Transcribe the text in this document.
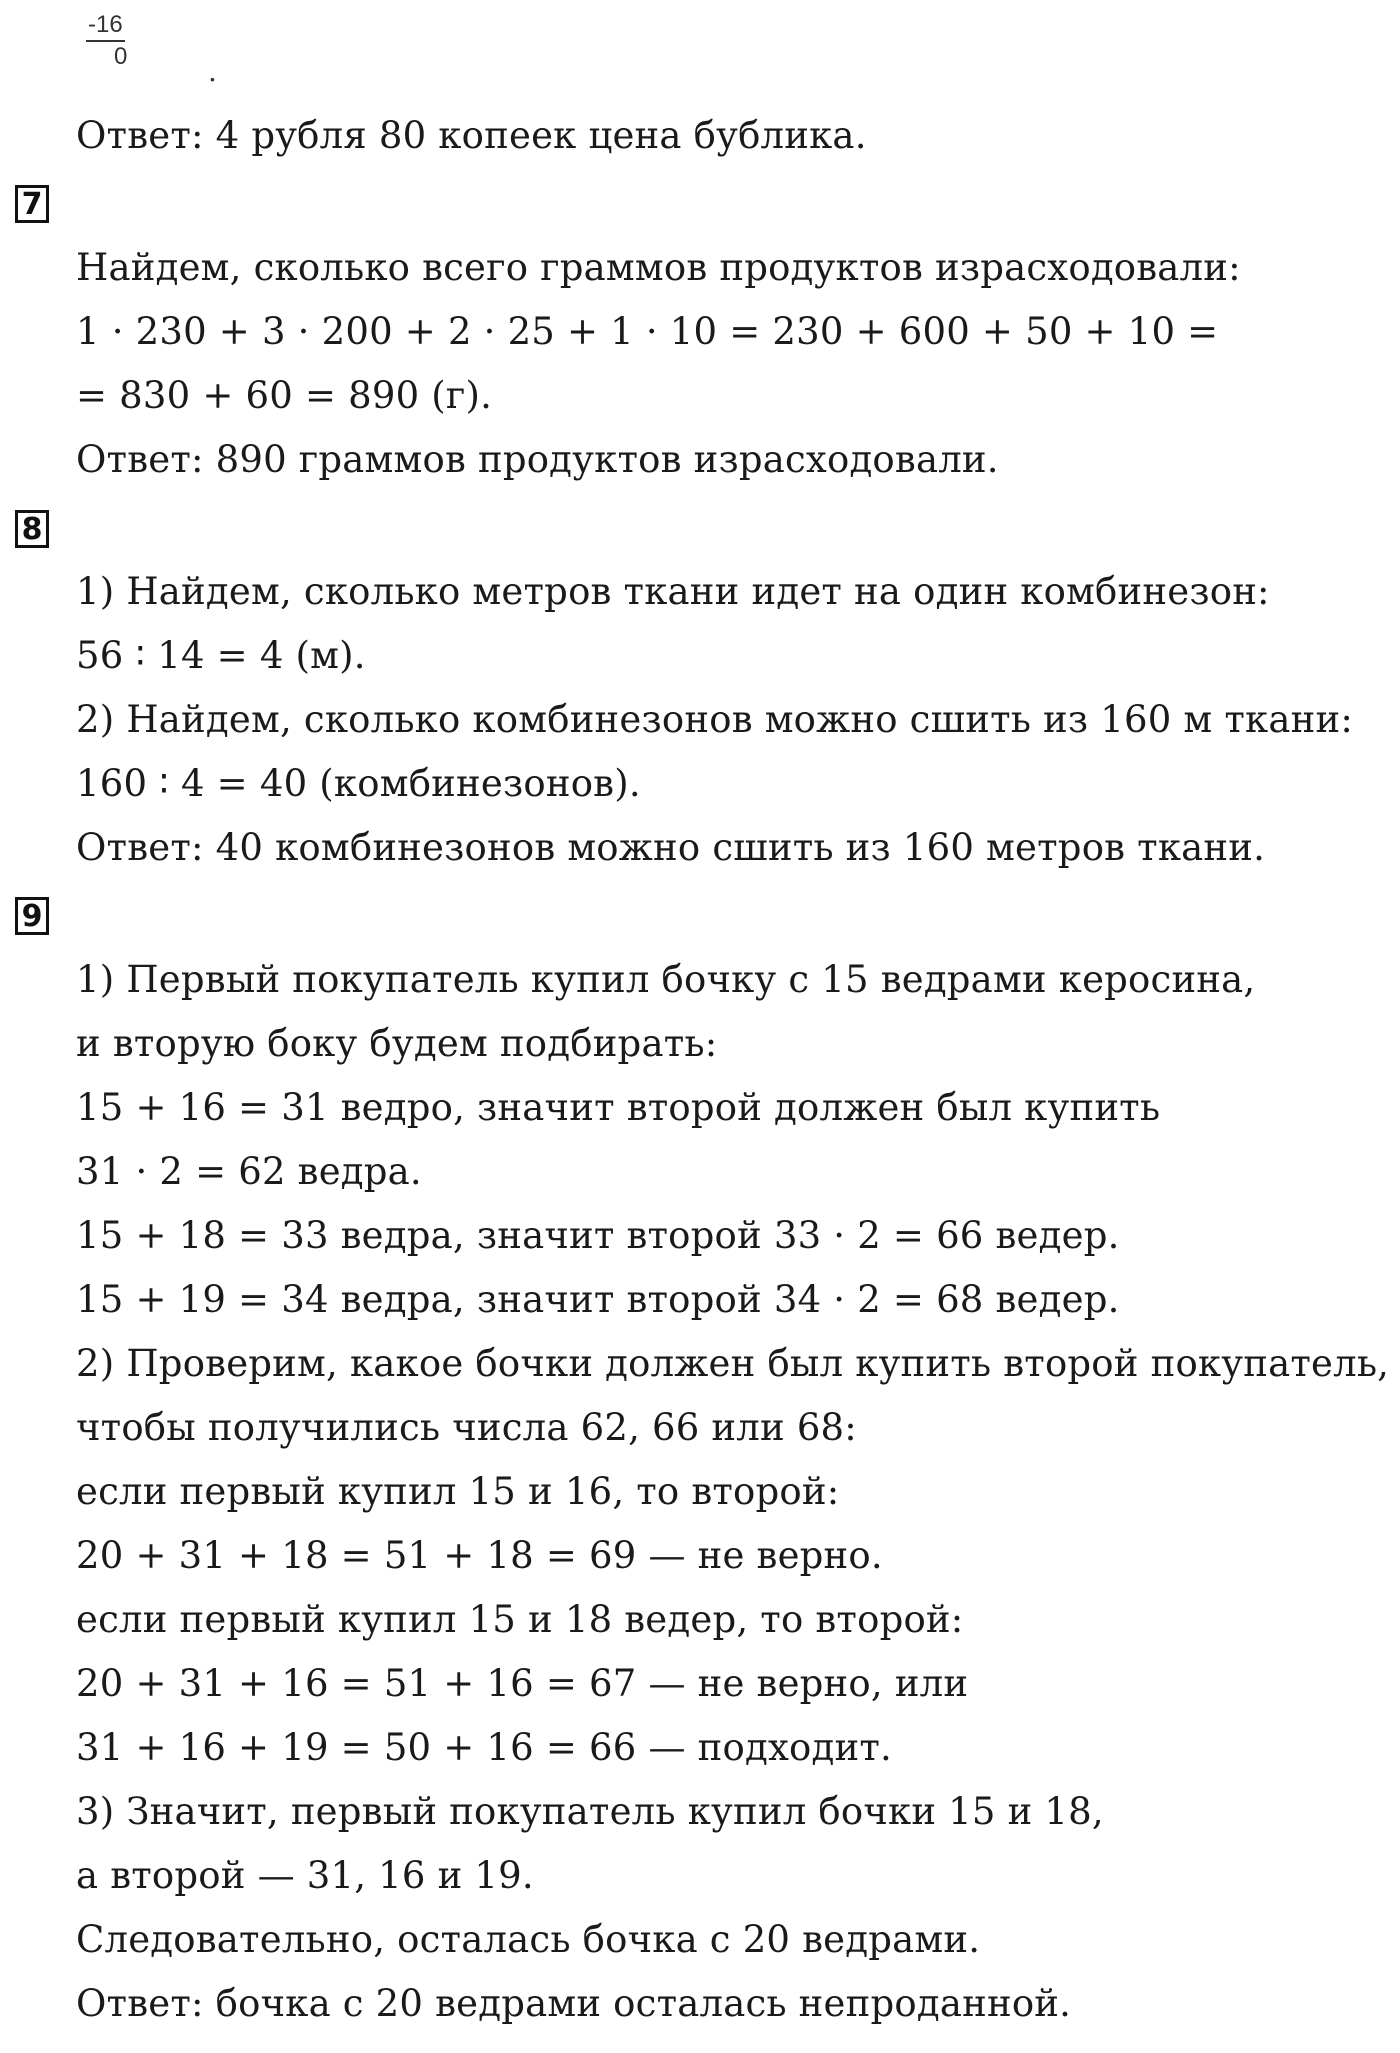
-16
0	.
Ответ: 4 рубля 80 копеек цена бублика.
7
Найдем, сколько всего граммов продуктов израсходовали:
1 · 230 + 3 · 200 + 2 · 25 + 1 · 10 = 230 + 600 + 50 + 10 =
= 830 + 60 = 890 (г).
Ответ: 890 граммов продуктов израсходовали.
8
1) Найдем, сколько метров ткани идет на один комбинезон:
56 ∶ 14 = 4 (м).
2) Найдем, сколько комбинезонов можно сшить из 160 м ткани:
160 ∶ 4 = 40 (комбинезонов).
Ответ: 40 комбинезонов можно сшить из 160 метров ткани.
9
1) Первый покупатель купил бочку с 15 ведрами керосина,
и вторую боку будем подбирать:
15 + 16 = 31 ведро, значит второй должен был купить
31 · 2 = 62 ведра.
15 + 18 = 33 ведра, значит второй 33 · 2 = 66 ведер.
15 + 19 = 34 ведра, значит второй 34 · 2 = 68 ведер.
2) Проверим, какое бочки должен был купить второй покупатель,
чтобы получились числа 62, 66 или 68:
если первый купил 15 и 16, то второй:
20 + 31 + 18 = 51 + 18 = 69 — не верно.
если первый купил 15 и 18 ведер, то второй:
20 + 31 + 16 = 51 + 16 = 67 — не верно, или
31 + 16 + 19 = 50 + 16 = 66 — подходит.
3) Значит, первый покупатель купил бочки 15 и 18,
а второй — 31, 16 и 19.
Следовательно, осталась бочка с 20 ведрами.
Ответ: бочка с 20 ведрами осталась непроданной.
